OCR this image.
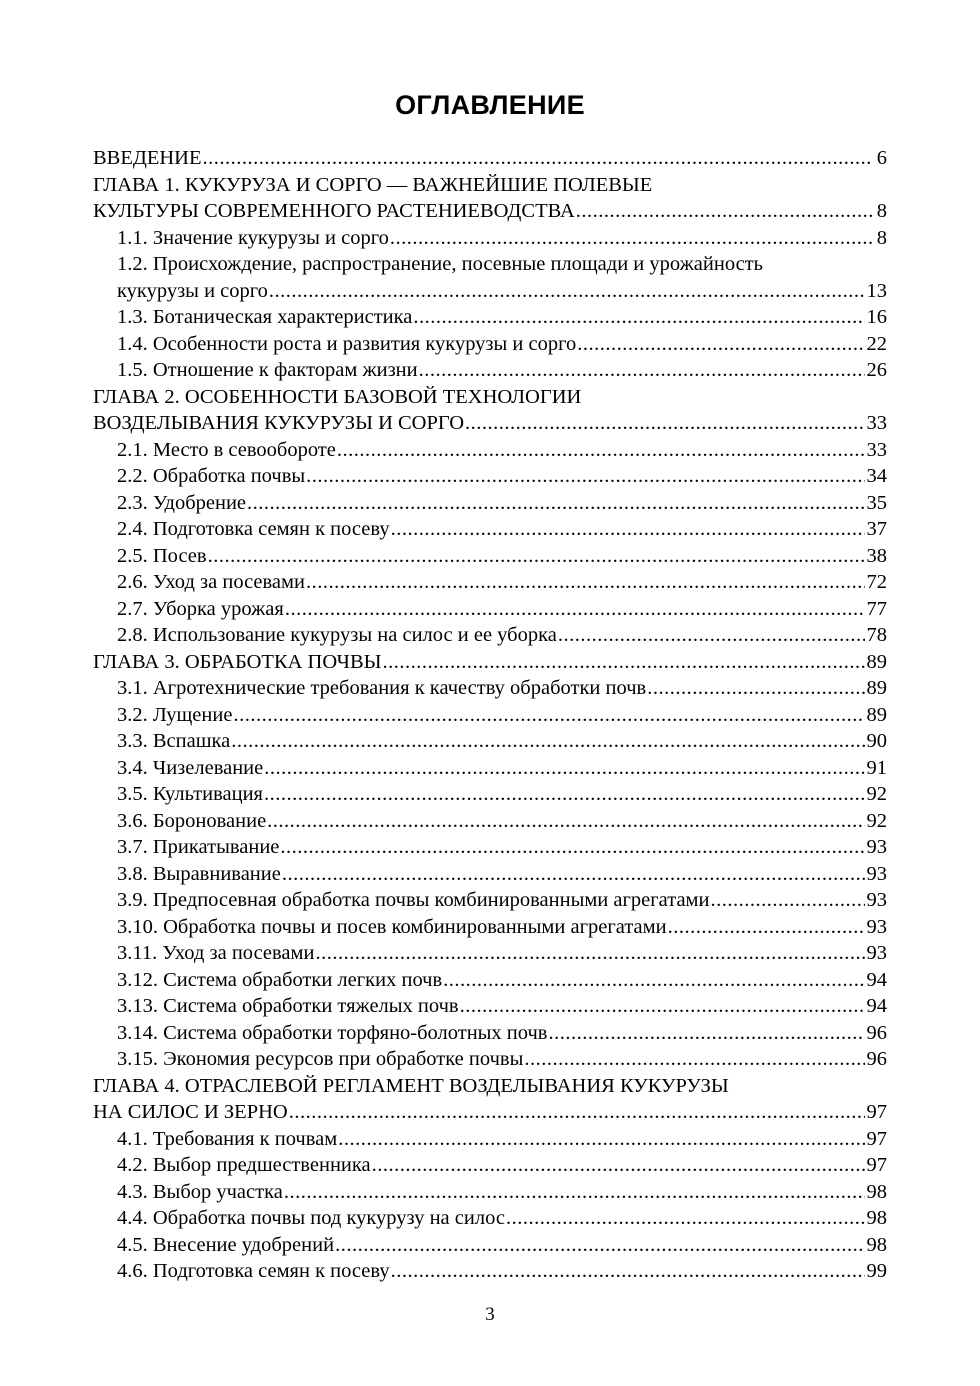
ОГЛАВЛЕНИЕ
ВВЕДЕНИЕ .....	6
ГЛАВА 1. КУКУРУЗА И СОРГО — ВАЖНЕЙШИЕ ПОЛЕВЫЕ
КУЛЬТУРЫ СОВРЕМЕННОГО РАСТЕНИЕВОДСТВА .....	8
1.1. Значение кукурузы и сорго .....	8
1.2. Происхождение, распространение, посевные площади и урожайность
кукурузы и сорго .....	13
1.3. Ботаническая характеристика .....	16
1.4. Особенности роста и развития кукурузы и сорго .....	22
1.5. Отношение к факторам жизни .....	26
ГЛАВА 2. ОСОБЕННОСТИ БАЗОВОЙ ТЕХНОЛОГИИ
ВОЗДЕЛЫВАНИЯ КУКУРУЗЫ И СОРГО .....	33
2.1. Место в севообороте .....	33
2.2. Обработка почвы .....	34
2.3. Удобрение .....	35
2.4. Подготовка семян к посеву .....	37
2.5. Посев .....	38
2.6. Уход за посевами .....	72
2.7. Уборка урожая .....	77
2.8. Использование кукурузы на силос и ее уборка .....	78
ГЛАВА 3. ОБРАБОТКА ПОЧВЫ .....	89
3.1. Агротехнические требования к качеству обработки почв .....	89
3.2. Лущение .....	89
3.3. Вспашка .....	90
3.4. Чизелевание .....	91
3.5. Культивация .....	92
3.6. Боронование .....	92
3.7. Прикатывание .....	93
3.8. Выравнивание .....	93
3.9. Предпосевная обработка почвы комбинированными агрегатами .....	93
3.10. Обработка почвы и посев комбинированными агрегатами .....	93
3.11. Уход за посевами .....	93
3.12. Система обработки легких почв .....	94
3.13. Система обработки тяжелых почв .....	94
3.14. Система обработки торфяно-болотных почв .....	96
3.15. Экономия ресурсов при обработке почвы .....	96
ГЛАВА 4. ОТРАСЛЕВОЙ РЕГЛАМЕНТ ВОЗДЕЛЫВАНИЯ КУКУРУЗЫ
НА СИЛОС И ЗЕРНО .....	97
4.1. Требования к почвам .....	97
4.2. Выбор предшественника .....	97
4.3. Выбор участка .....	98
4.4. Обработка почвы под кукурузу на силос .....	98
4.5. Внесение удобрений .....	98
4.6. Подготовка семян к посеву .....	99
3
